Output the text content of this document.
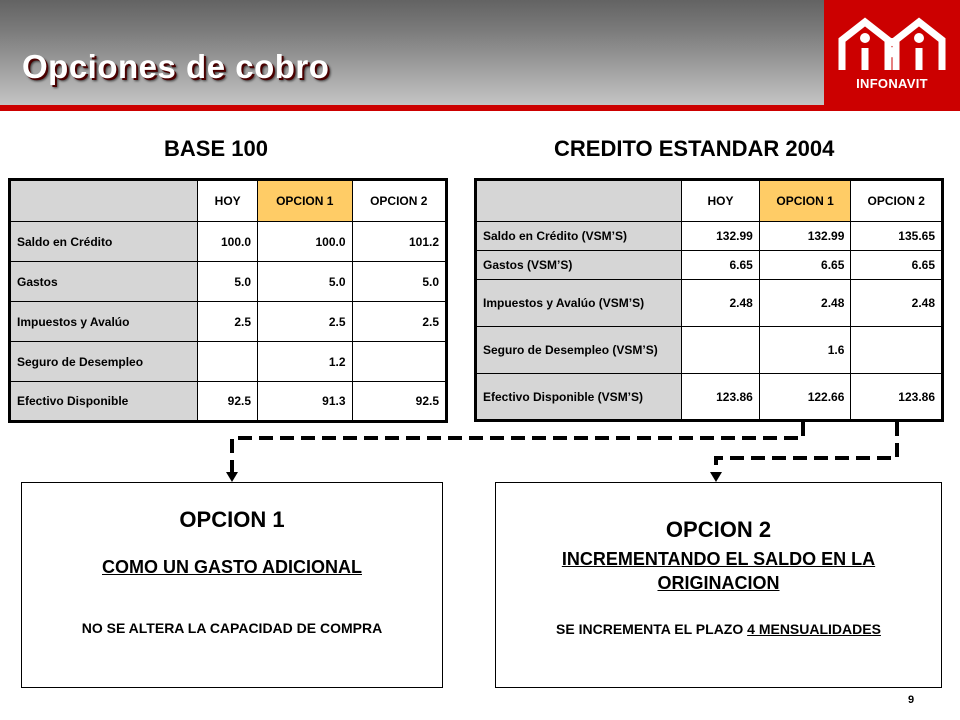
Opciones de cobro	INFONAVIT
BASE 100	CREDITO ESTANDAR 2004
	HOY	OPCION 1	OPCION 2
Saldo en Crédito	100.0	100.0	101.2
Gastos	5.0	5.0	5.0
Impuestos y Avalúo	2.5	2.5	2.5
Seguro de Desempleo		1.2	
Efectivo Disponible	92.5	91.3	92.5
	HOY	OPCION 1	OPCION 2
Saldo en Crédito (VSM’S)	132.99	132.99	135.65
Gastos (VSM’S)	6.65	6.65	6.65
Impuestos y Avalúo (VSM’S)	2.48	2.48	2.48
Seguro de Desempleo (VSM’S)		1.6	
Efectivo Disponible (VSM’S)	123.86	122.66	123.86
OPCION 1
COMO UN GASTO ADICIONAL
NO SE ALTERA LA CAPACIDAD DE COMPRA
OPCION 2
INCREMENTANDO EL SALDO EN LA ORIGINACION
SE INCREMENTA EL PLAZO 4 MENSUALIDADES
9
